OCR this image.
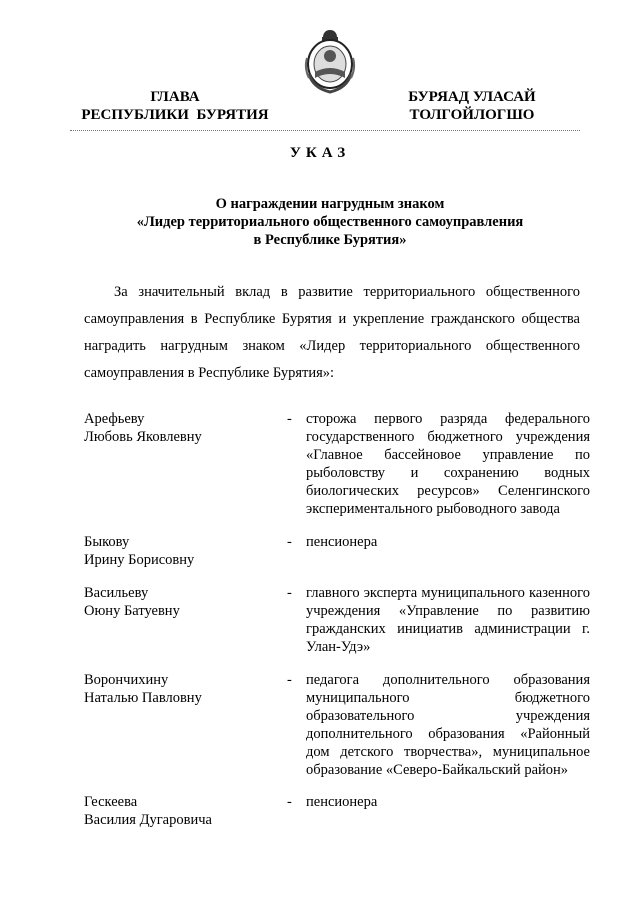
ГЛАВА
РЕСПУБЛИКИ  БУРЯТИЯ
БУРЯАД УЛАСАЙ
ТОЛГОЙЛОГШО
УКАЗ
О награждении нагрудным знаком
«Лидер территориального общественного самоуправления
в Республике Бурятия»
За значительный вклад в развитие территориального общественного самоуправления в Республике Бурятия и укрепление гражданского общества наградить нагрудным знаком «Лидер территориального общественного самоуправления в Республике Бурятия»:
Арефьеву
Любовь Яковлевну
- сторожа первого разряда федерального государственного бюджетного учреждения «Главное бассейновое управление по рыболовству и сохранению водных биологических ресурсов» Селенгинского экспериментального рыбоводного завода
Быкову
Ирину Борисовну
- пенсионера
Васильеву
Оюну Батуевну
- главного эксперта муниципального казенного учреждения «Управление по развитию гражданских инициатив администрации г. Улан-Удэ»
Ворончихину
Наталью Павловну
- педагога дополнительного образования муниципального бюджетного образовательного учреждения дополнительного образования «Районный дом детского творчества», муниципальное образование «Северо-Байкальский район»
Гескеева
Василия Дугаровича
- пенсионера
